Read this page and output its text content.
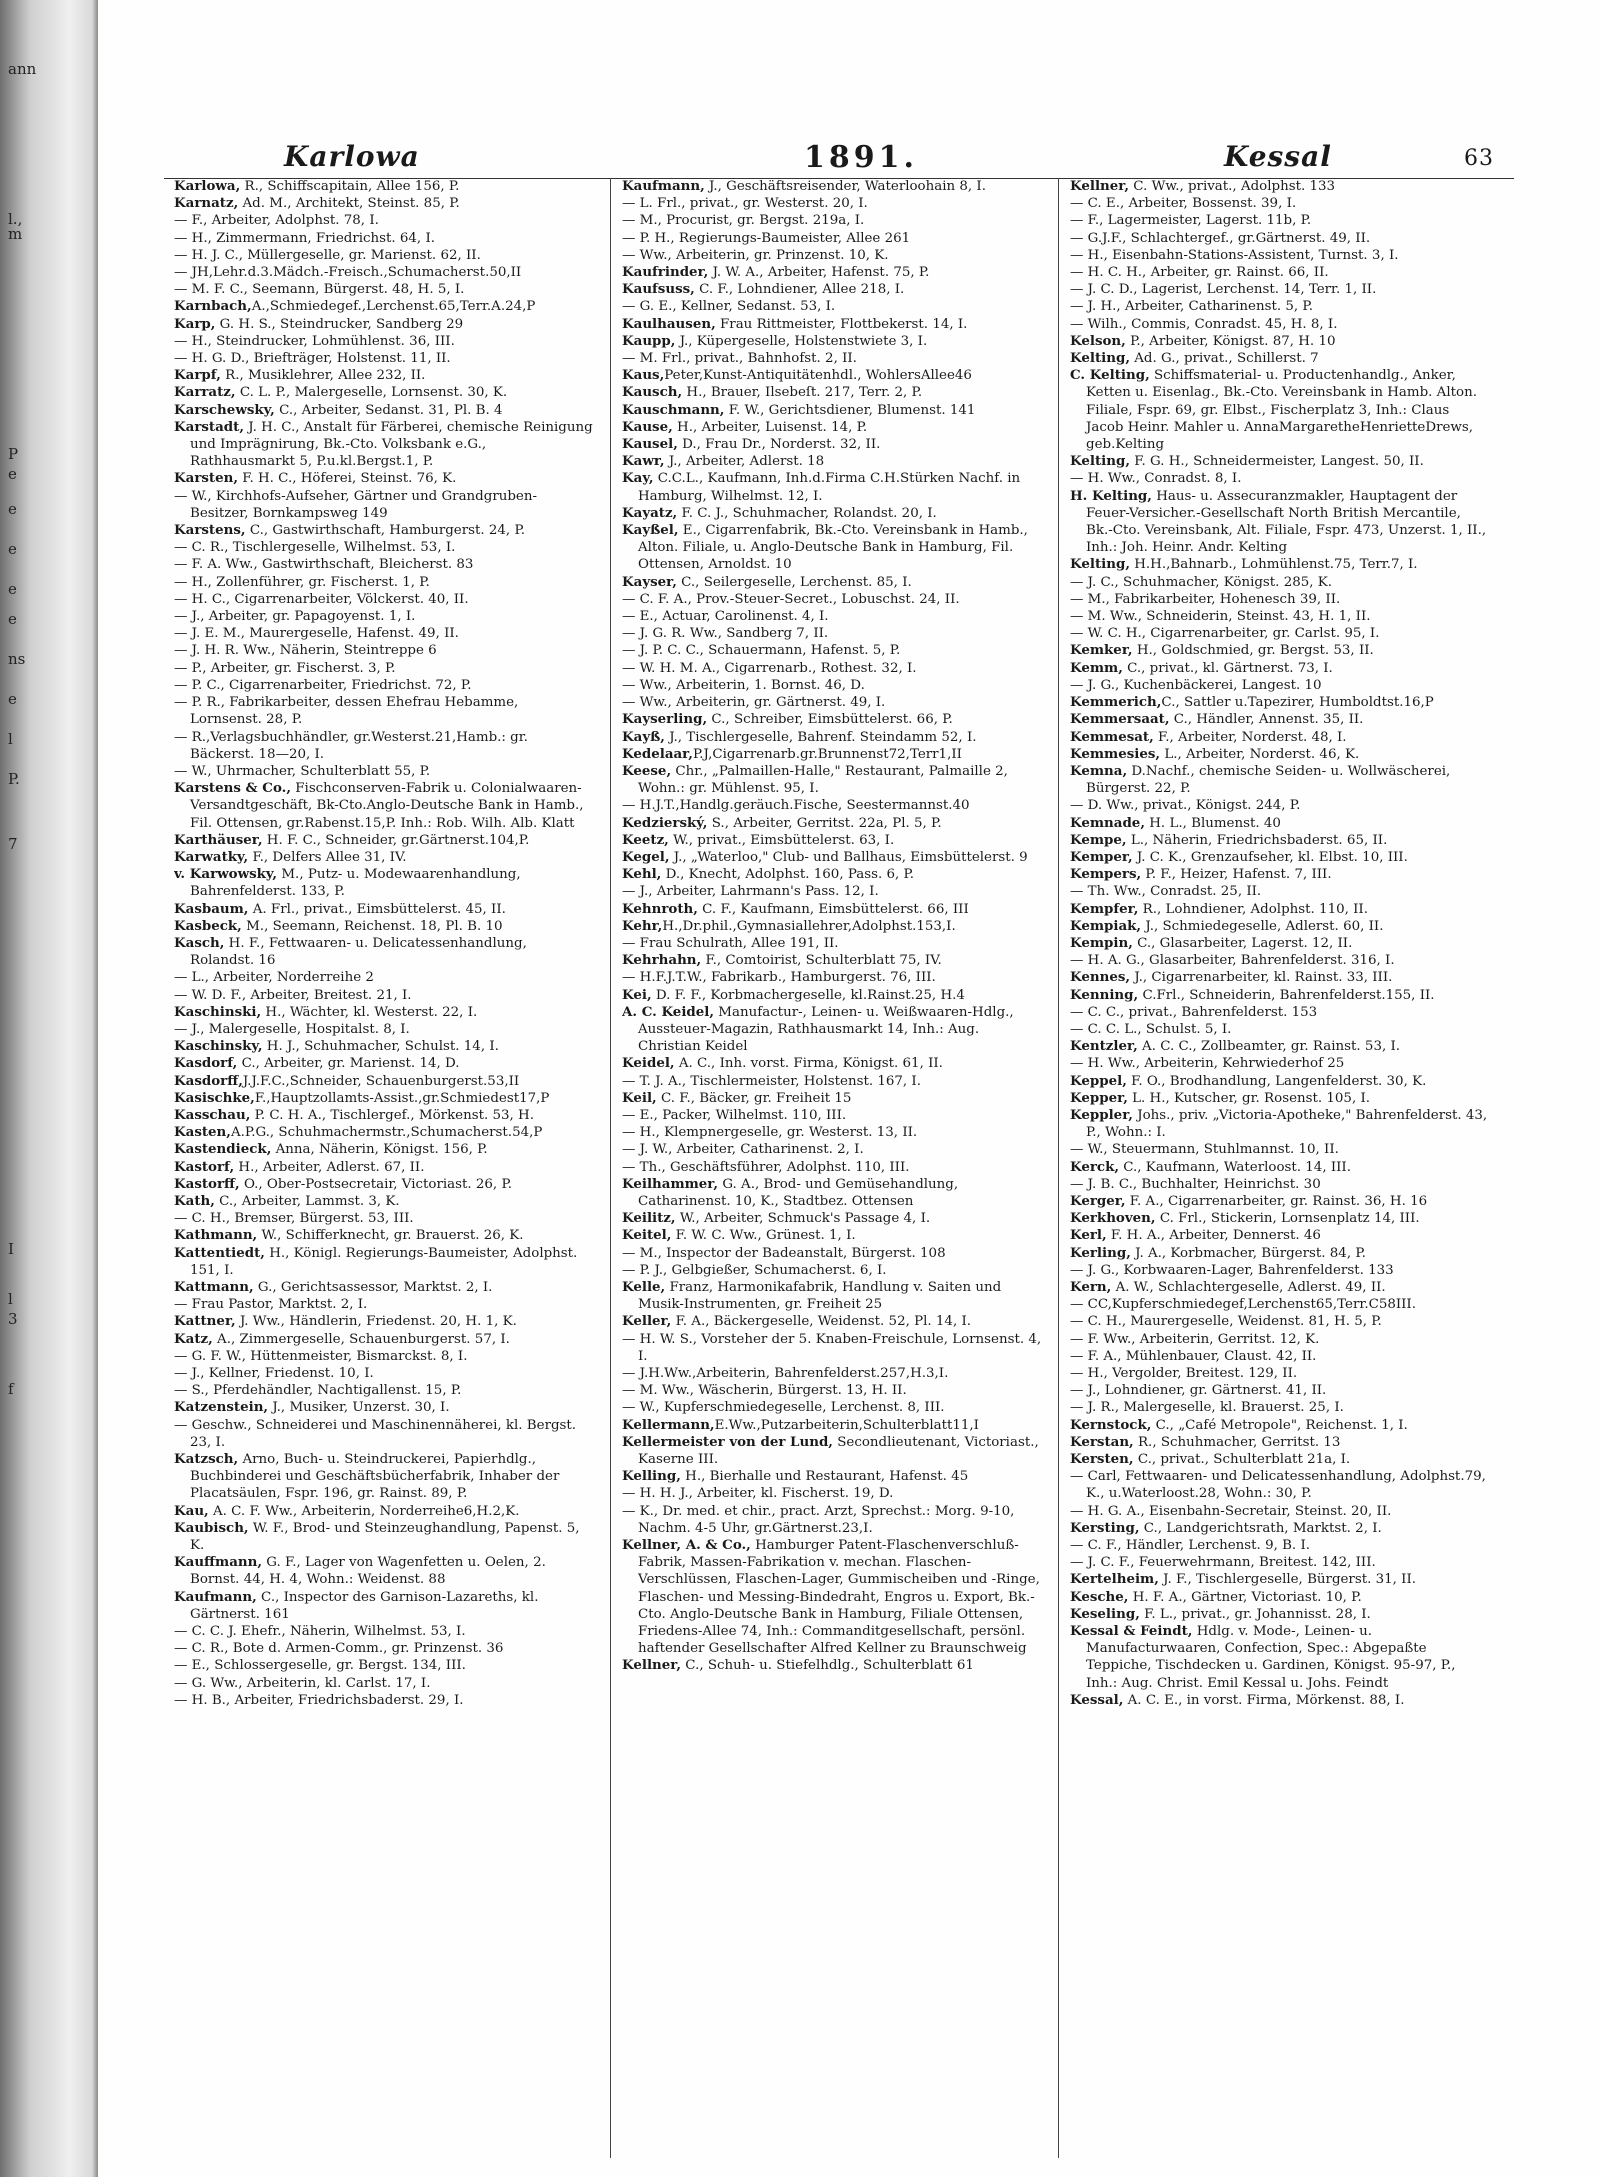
ann
l.,
m
P
e
e
e
e
e
ns
e
l
P.
7
I
l
3
f
Karlowa	1891.	Kessal	63
Karlowa, R., Schiffscapitain, Allee 156, P.
Karnatz, Ad. M., Architekt, Steinst. 85, P.
— F., Arbeiter, Adolphst. 78, I.
— H., Zimmermann, Friedrichst. 64, I.
— H. J. C., Müllergeselle, gr. Marienst. 62, II.
— JH,Lehr.d.3.Mädch.-Freisch.,Schumacherst.50,II
— M. F. C., Seemann, Bürgerst. 48, H. 5, I.
Karnbach,A.,Schmiedegef.,Lerchenst.65,Terr.A.24,P
Karp, G. H. S., Steindrucker, Sandberg 29
— H., Steindrucker, Lohmühlenst. 36, III.
— H. G. D., Briefträger, Holstenst. 11, II.
Karpf, R., Musiklehrer, Allee 232, II.
Karratz, C. L. P., Malergeselle, Lornsenst. 30, K.
Karschewsky, C., Arbeiter, Sedanst. 31, Pl. B. 4
Karstadt, J. H. C., Anstalt für Färberei, chemische Reinigung und Imprägnirung, Bk.-Cto. Volksbank e.G., Rathhausmarkt 5, P.u.kl.Bergst.1, P.
Karsten, F. H. C., Höferei, Steinst. 76, K.
— W., Kirchhofs-Aufseher, Gärtner und Grandgruben-Besitzer, Bornkampsweg 149
Karstens, C., Gastwirthschaft, Hamburgerst. 24, P.
— C. R., Tischlergeselle, Wilhelmst. 53, I.
— F. A. Ww., Gastwirthschaft, Bleicherst. 83
— H., Zollenführer, gr. Fischerst. 1, P.
— H. C., Cigarrenarbeiter, Völckerst. 40, II.
— J., Arbeiter, gr. Papagoyenst. 1, I.
— J. E. M., Maurergeselle, Hafenst. 49, II.
— J. H. R. Ww., Näherin, Steintreppe 6
— P., Arbeiter, gr. Fischerst. 3, P.
— P. C., Cigarrenarbeiter, Friedrichst. 72, P.
— P. R., Fabrikarbeiter, dessen Ehefrau Hebamme, Lornsenst. 28, P.
— R.,Verlagsbuchhändler, gr.Westerst.21,Hamb.: gr. Bäckerst. 18—20, I.
— W., Uhrmacher, Schulterblatt 55, P.
Karstens & Co., Fischconserven-Fabrik u. Colonialwaaren-Versandtgeschäft, Bk-Cto.Anglo-Deutsche Bank in Hamb., Fil. Ottensen, gr.Rabenst.15,P. Inh.: Rob. Wilh. Alb. Klatt
Karthäuser, H. F. C., Schneider, gr.Gärtnerst.104,P.
Karwatky, F., Delfers Allee 31, IV.
v. Karwowsky, M., Putz- u. Modewaarenhandlung, Bahrenfelderst. 133, P.
Kasbaum, A. Frl., privat., Eimsbüttelerst. 45, II.
Kasbeck, M., Seemann, Reichenst. 18, Pl. B. 10
Kasch, H. F., Fettwaaren- u. Delicatessenhandlung, Rolandst. 16
— L., Arbeiter, Norderreihe 2
— W. D. F., Arbeiter, Breitest. 21, I.
Kaschinski, H., Wächter, kl. Westerst. 22, I.
— J., Malergeselle, Hospitalst. 8, I.
Kaschinsky, H. J., Schuhmacher, Schulst. 14, I.
Kasdorf, C., Arbeiter, gr. Marienst. 14, D.
Kasdorff,J.J.F.C.,Schneider, Schauenburgerst.53,II
Kasischke,F.,Hauptzollamts-Assist.,gr.Schmiedest17,P
Kasschau, P. C. H. A., Tischlergef., Mörkenst. 53, H.
Kasten,A.P.G., Schuhmachermstr.,Schumacherst.54,P
Kastendieck, Anna, Näherin, Königst. 156, P.
Kastorf, H., Arbeiter, Adlerst. 67, II.
Kastorff, O., Ober-Postsecretair, Victoriast. 26, P.
Kath, C., Arbeiter, Lammst. 3, K.
— C. H., Bremser, Bürgerst. 53, III.
Kathmann, W., Schifferknecht, gr. Brauerst. 26, K.
Kattentiedt, H., Königl. Regierungs-Baumeister, Adolphst. 151, I.
Kattmann, G., Gerichtsassessor, Marktst. 2, I.
— Frau Pastor, Marktst. 2, I.
Kattner, J. Ww., Händlerin, Friedenst. 20, H. 1, K.
Katz, A., Zimmergeselle, Schauenburgerst. 57, I.
— G. F. W., Hüttenmeister, Bismarckst. 8, I.
— J., Kellner, Friedenst. 10, I.
— S., Pferdehändler, Nachtigallenst. 15, P.
Katzenstein, J., Musiker, Unzerst. 30, I.
— Geschw., Schneiderei und Maschinennäherei, kl. Bergst. 23, I.
Katzsch, Arno, Buch- u. Steindruckerei, Papierhdlg., Buchbinderei und Geschäftsbücherfabrik, Inhaber der Placatsäulen, Fspr. 196, gr. Rainst. 89, P.
Kau, A. C. F. Ww., Arbeiterin, Norderreihe6,H.2,K.
Kaubisch, W. F., Brod- und Steinzeughandlung, Papenst. 5, K.
Kauffmann, G. F., Lager von Wagenfetten u. Oelen, 2. Bornst. 44, H. 4, Wohn.: Weidenst. 88
Kaufmann, C., Inspector des Garnison-Lazareths, kl. Gärtnerst. 161
— C. C. J. Ehefr., Näherin, Wilhelmst. 53, I.
— C. R., Bote d. Armen-Comm., gr. Prinzenst. 36
— E., Schlossergeselle, gr. Bergst. 134, III.
— G. Ww., Arbeiterin, kl. Carlst. 17, I.
— H. B., Arbeiter, Friedrichsbaderst. 29, I.
Kaufmann, J., Geschäftsreisender, Waterloohain 8, I.
— L. Frl., privat., gr. Westerst. 20, I.
— M., Procurist, gr. Bergst. 219a, I.
— P. H., Regierungs-Baumeister, Allee 261
— Ww., Arbeiterin, gr. Prinzenst. 10, K.
Kaufrinder, J. W. A., Arbeiter, Hafenst. 75, P.
Kaufsuss, C. F., Lohndiener, Allee 218, I.
— G. E., Kellner, Sedanst. 53, I.
Kaulhausen, Frau Rittmeister, Flottbekerst. 14, I.
Kaupp, J., Küpergeselle, Holstenstwiete 3, I.
— M. Frl., privat., Bahnhofst. 2, II.
Kaus,Peter,Kunst-Antiquitätenhdl., WohlersAllee46
Kausch, H., Brauer, Ilsebeſt. 217, Terr. 2, P.
Kauschmann, F. W., Gerichtsdiener, Blumenst. 141
Kause, H., Arbeiter, Luisenst. 14, P.
Kausel, D., Frau Dr., Norderst. 32, II.
Kawr, J., Arbeiter, Adlerst. 18
Kay, C.C.L., Kaufmann, Inh.d.Firma C.H.Stürken Nachf. in Hamburg, Wilhelmst. 12, I.
Kayatz, F. C. J., Schuhmacher, Rolandst. 20, I.
Kayßel, E., Cigarrenfabrik, Bk.-Cto. Vereinsbank in Hamb., Alton. Filiale, u. Anglo-Deutsche Bank in Hamburg, Fil. Ottensen, Arnoldst. 10
Kayser, C., Seilergeselle, Lerchenst. 85, I.
— C. F. A., Prov.-Steuer-Secret., Lobuschst. 24, II.
— E., Actuar, Carolinenst. 4, I.
— J. G. R. Ww., Sandberg 7, II.
— J. P. C. C., Schauermann, Hafenst. 5, P.
— W. H. M. A., Cigarrenarb., Rothest. 32, I.
— Ww., Arbeiterin, 1. Bornst. 46, D.
— Ww., Arbeiterin, gr. Gärtnerst. 49, I.
Kayserling, C., Schreiber, Eimsbüttelerst. 66, P.
Kayß, J., Tischlergeselle, Bahrenf. Steindamm 52, I.
Kedelaar,P.J,Cigarrenarb.gr.Brunnenst72,Terr1,II
Keese, Chr., „Palmaillen-Halle," Restaurant, Palmaille 2, Wohn.: gr. Mühlenst. 95, I.
— H.J.T.,Handlg.geräuch.Fische, Seestermannst.40
Kedzierský, S., Arbeiter, Gerritst. 22a, Pl. 5, P.
Keetz, W., privat., Eimsbüttelerst. 63, I.
Kegel, J., „Waterloo," Club- und Ballhaus, Eimsbüttelerst. 9
Kehl, D., Knecht, Adolphst. 160, Pass. 6, P.
— J., Arbeiter, Lahrmann's Pass. 12, I.
Kehnroth, C. F., Kaufmann, Eimsbüttelerst. 66, III
Kehr,H.,Dr.phil.,Gymnasiallehrer,Adolphst.153,I.
— Frau Schulrath, Allee 191, II.
Kehrhahn, F., Comtoirist, Schulterblatt 75, IV.
— H.F.J.T.W., Fabrikarb., Hamburgerst. 76, III.
Kei, D. F. F., Korbmachergeselle, kl.Rainst.25, H.4
A. C. Keidel, Manufactur-, Leinen- u. Weißwaaren-Hdlg., Aussteuer-Magazin, Rathhausmarkt 14, Inh.: Aug. Christian Keidel
Keidel, A. C., Inh. vorst. Firma, Königst. 61, II.
— T. J. A., Tischlermeister, Holstenst. 167, I.
Keil, C. F., Bäcker, gr. Freiheit 15
— E., Packer, Wilhelmst. 110, III.
— H., Klempnergeselle, gr. Westerst. 13, II.
— J. W., Arbeiter, Catharinenst. 2, I.
— Th., Geschäftsführer, Adolphst. 110, III.
Keilhammer, G. A., Brod- und Gemüsehandlung, Catharinenst. 10, K., Stadtbez. Ottensen
Keilitz, W., Arbeiter, Schmuck's Passage 4, I.
Keitel, F. W. C. Ww., Grünest. 1, I.
— M., Inspector der Badeanstalt, Bürgerst. 108
— P. J., Gelbgießer, Schumacherst. 6, I.
Kelle, Franz, Harmonikafabrik, Handlung v. Saiten und Musik-Instrumenten, gr. Freiheit 25
Keller, F. A., Bäckergeselle, Weidenst. 52, Pl. 14, I.
— H. W. S., Vorsteher der 5. Knaben-Freischule, Lornsenst. 4, I.
— J.H.Ww.,Arbeiterin, Bahrenfelderst.257,H.3,I.
— M. Ww., Wäscherin, Bürgerst. 13, H. II.
— W., Kupferschmiedegeselle, Lerchenst. 8, III.
Kellermann,E.Ww.,Putzarbeiterin,Schulterblatt11,I
Kellermeister von der Lund, Secondlieutenant, Victoriast., Kaserne III.
Kelling, H., Bierhalle und Restaurant, Hafenst. 45
— H. H. J., Arbeiter, kl. Fischerst. 19, D.
— K., Dr. med. et chir., pract. Arzt, Sprechst.: Morg. 9-10, Nachm. 4-5 Uhr, gr.Gärtnerst.23,I.
Kellner, A. & Co., Hamburger Patent-Flaschenverschluß-Fabrik, Massen-Fabrikation v. mechan. Flaschen-Verschlüssen, Flaschen-Lager, Gummischeiben und -Ringe, Flaschen- und Messing-Bindedraht, Engros u. Export, Bk.-Cto. Anglo-Deutsche Bank in Hamburg, Filiale Ottensen, Friedens-Allee 74, Inh.: Commanditgesellschaft, persönl. haftender Gesellschafter Alfred Kellner zu Braunschweig
Kellner, C., Schuh- u. Stiefelhdlg., Schulterblatt 61
Kellner, C. Ww., privat., Adolphst. 133
— C. E., Arbeiter, Bossenst. 39, I.
— F., Lagermeister, Lagerst. 11b, P.
— G.J.F., Schlachtergef., gr.Gärtnerst. 49, II.
— H., Eisenbahn-Stations-Assistent, Turnst. 3, I.
— H. C. H., Arbeiter, gr. Rainst. 66, II.
— J. C. D., Lagerist, Lerchenst. 14, Terr. 1, II.
— J. H., Arbeiter, Catharinenst. 5, P.
— Wilh., Commis, Conradst. 45, H. 8, I.
Kelson, P., Arbeiter, Königst. 87, H. 10
Kelting, Ad. G., privat., Schillerst. 7
C. Kelting, Schiffsmaterial- u. Productenhandlg., Anker, Ketten u. Eisenlag., Bk.-Cto. Vereinsbank in Hamb. Alton. Filiale, Fspr. 69, gr. Elbst., Fischerplatz 3, Inh.: Claus Jacob Heinr. Mahler u. AnnaMargaretheHenrietteDrews, geb.Kelting
Kelting, F. G. H., Schneidermeister, Langest. 50, II.
— H. Ww., Conradst. 8, I.
H. Kelting, Haus- u. Assecuranzmakler, Hauptagent der Feuer-Versicher.-Gesellschaft North British Mercantile, Bk.-Cto. Vereinsbank, Alt. Filiale, Fspr. 473, Unzerst. 1, II., Inh.: Joh. Heinr. Andr. Kelting
Kelting, H.H.,Bahnarb., Lohmühlenst.75, Terr.7, I.
— J. C., Schuhmacher, Königst. 285, K.
— M., Fabrikarbeiter, Hohenesch 39, II.
— M. Ww., Schneiderin, Steinst. 43, H. 1, II.
— W. C. H., Cigarrenarbeiter, gr. Carlst. 95, I.
Kemker, H., Goldschmied, gr. Bergst. 53, II.
Kemm, C., privat., kl. Gärtnerst. 73, I.
— J. G., Kuchenbäckerei, Langest. 10
Kemmerich,C., Sattler u.Tapezirer, Humboldtst.16,P
Kemmersaat, C., Händler, Annenst. 35, II.
Kemmesat, F., Arbeiter, Norderst. 48, I.
Kemmesies, L., Arbeiter, Norderst. 46, K.
Kemna, D.Nachf., chemische Seiden- u. Wollwäscherei, Bürgerst. 22, P.
— D. Ww., privat., Königst. 244, P.
Kemnade, H. L., Blumenst. 40
Kempe, L., Näherin, Friedrichsbaderst. 65, II.
Kemper, J. C. K., Grenzaufseher, kl. Elbst. 10, III.
Kempers, P. F., Heizer, Hafenst. 7, III.
— Th. Ww., Conradst. 25, II.
Kempfer, R., Lohndiener, Adolphst. 110, II.
Kempiak, J., Schmiedegeselle, Adlerst. 60, II.
Kempin, C., Glasarbeiter, Lagerst. 12, II.
— H. A. G., Glasarbeiter, Bahrenfelderst. 316, I.
Kennes, J., Cigarrenarbeiter, kl. Rainst. 33, III.
Kenning, C.Frl., Schneiderin, Bahrenfelderst.155, II.
— C. C., privat., Bahrenfelderst. 153
— C. C. L., Schulst. 5, I.
Kentzler, A. C. C., Zollbeamter, gr. Rainst. 53, I.
— H. Ww., Arbeiterin, Kehrwiederhof 25
Keppel, F. O., Brodhandlung, Langenfelderst. 30, K.
Kepper, L. H., Kutscher, gr. Rosenst. 105, I.
Keppler, Johs., priv. „Victoria-Apotheke," Bahrenfelderst. 43, P., Wohn.: I.
— W., Steuermann, Stuhlmannst. 10, II.
Kerck, C., Kaufmann, Waterloost. 14, III.
— J. B. C., Buchhalter, Heinrichst. 30
Kerger, F. A., Cigarrenarbeiter, gr. Rainst. 36, H. 16
Kerkhoven, C. Frl., Stickerin, Lornsenplatz 14, III.
Kerl, F. H. A., Arbeiter, Dennerst. 46
Kerling, J. A., Korbmacher, Bürgerst. 84, P.
— J. G., Korbwaaren-Lager, Bahrenfelderst. 133
Kern, A. W., Schlachtergeselle, Adlerst. 49, II.
— CC,Kupferschmiedegef,Lerchenst65,Terr.C58III.
— C. H., Maurergeselle, Weidenst. 81, H. 5, P.
— F. Ww., Arbeiterin, Gerritst. 12, K.
— F. A., Mühlenbauer, Claust. 42, II.
— H., Vergolder, Breitest. 129, II.
— J., Lohndiener, gr. Gärtnerst. 41, II.
— J. R., Malergeselle, kl. Brauerst. 25, I.
Kernstock, C., „Café Metropole", Reichenst. 1, I.
Kerstan, R., Schuhmacher, Gerritst. 13
Kersten, C., privat., Schulterblatt 21a, I.
— Carl, Fettwaaren- und Delicatessenhandlung, Adolphst.79, K., u.Waterloost.28, Wohn.: 30, P.
— H. G. A., Eisenbahn-Secretair, Steinst. 20, II.
Kersting, C., Landgerichtsrath, Marktst. 2, I.
— C. F., Händler, Lerchenst. 9, B. I.
— J. C. F., Feuerwehrmann, Breitest. 142, III.
Kertelheim, J. F., Tischlergeselle, Bürgerst. 31, II.
Kesche, H. F. A., Gärtner, Victoriast. 10, P.
Keseling, F. L., privat., gr. Johannisst. 28, I.
Kessal & Feindt, Hdlg. v. Mode-, Leinen- u. Manufacturwaaren, Confection, Spec.: Abgepaßte Teppiche, Tischdecken u. Gardinen, Königst. 95-97, P., Inh.: Aug. Christ. Emil Kessal u. Johs. Feindt
Kessal, A. C. E., in vorst. Firma, Mörkenst. 88, I.
